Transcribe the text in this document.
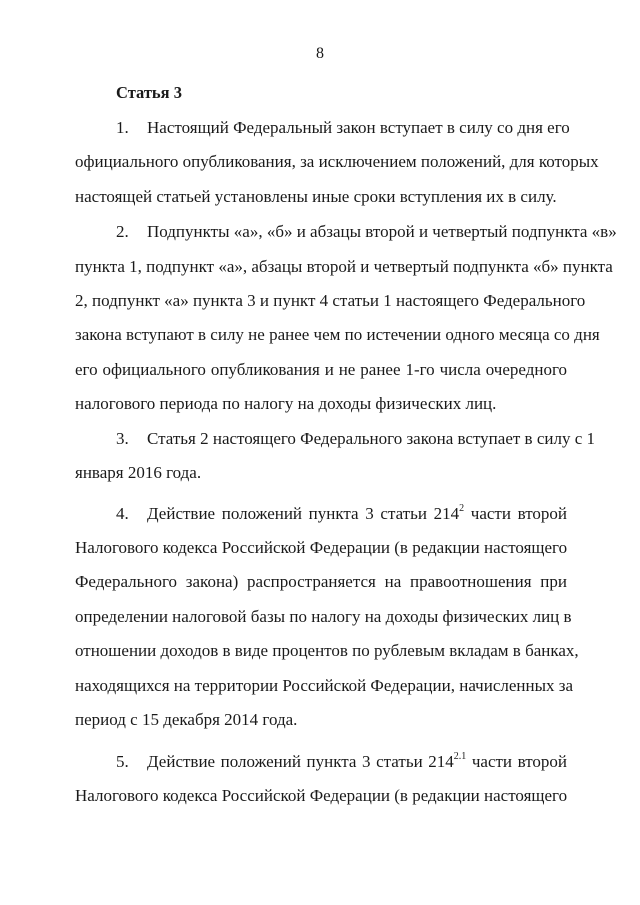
8
Статья 3
1. Настоящий Федеральный закон вступает в силу со дня его
официального опубликования, за исключением положений, для которых
настоящей статьей установлены иные сроки вступления их в силу.
2. Подпункты «а», «б» и абзацы второй и четвертый подпункта «в»
пункта 1, подпункт «а», абзацы второй и четвертый подпункта «б» пункта
2, подпункт «а» пункта 3 и пункт 4 статьи 1 настоящего Федерального
закона вступают в силу не ранее чем по истечении одного месяца со дня
его официального опубликования и не ранее 1-го числа очередного
налогового периода по налогу на доходы физических лиц.
3. Статья 2 настоящего Федерального закона вступает в силу с 1
января 2016 года.
4. Действие положений пункта 3 статьи $214^2$ части второй
Налогового кодекса Российской Федерации (в редакции настоящего
Федерального закона) распространяется на правоотношения при
определении налоговой базы по налогу на доходы физических лиц в
отношении доходов в виде процентов по рублевым вкладам в банках,
находящихся на территории Российской Федерации, начисленных за
период с 15 декабря 2014 года.
5. Действие положений пункта 3 статьи $214^{2.1}$ части второй
Налогового кодекса Российской Федерации (в редакции настоящего
